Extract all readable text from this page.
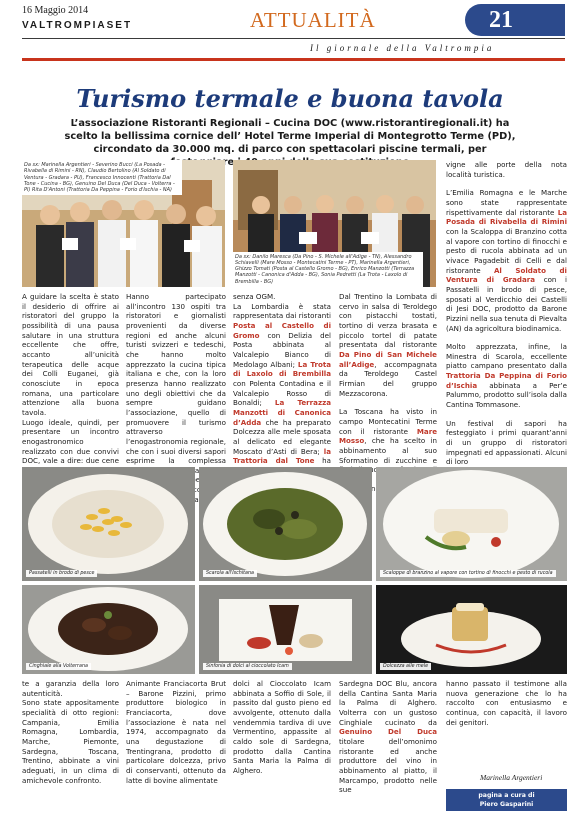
16 Maggio 2014
VALTROMPIASET	ATTUALITÀ	21
Il giornale della Valtrompia
Turismo termale e buona tavola
L’associazione Ristoranti Regionali – Cucina DOC (www.ristorantiregionali.it) ha scelto la bellissima cornice dell’ Hotel Terme Imperial di Montegrotto Terme (PD), circondato da 30.000 mq. di parco con spettacolari piscine termali, per
Da sx: Marinella Argentieri - Severino Bucci (La Posada - Rivabella di Rimini - RN), Claudio Bertolino (Al Soldato di Ventura - Gradara - PU), Francesco Innocenti (Trattoria Dal Tone - Cucina - BG), Genuino Del Duca (Del Duca - Volterra - PI) Rita D'Antoni (Trattoria Da Peppina - Forio d'Ischia - NA)
Da sx: Danilo Maresca (Da Pino - S. Michele all'Adige - TN), Alessandro Schiavelli (Mare Mosso - Montecatini Terme - PT), Marinella Argentieri, Ghizzo Tomati (Posta al Castello Gromo - BG), Enrico Manzotti (Terrazza Manzotti - Canonica d'Adda - BG), Sonia Pedretti (La Trota - Laxolo di Brembilla - BG)

A guidare la scelta è stato il desiderio di offrire ai ristoratori del gruppo la possibilità di una pausa salutare in una struttura eccellente che offre, accanto all’unicità terapeutica delle acque dei Colli Euganei, già conosciute in epoca romana, una particolare attenzione alla buona tavola.

Luogo ideale, quindi, per presentare un incontro enogastronomico realizzato con due convivi DOC, vale a dire: due cene

Hanno partecipato all’incontro 130 ospiti tra ristoratori e giornalisti provenienti da diverse regioni ed anche alcuni turisti svizzeri e tedeschi, che hanno molto apprezzato la cucina tipica italiana e che, con la loro presenza hanno realizzato uno degli obiettivi che da sempre guidano l’associazione, quello di promuovere il turismo attraverso l’enogastronomia regionale, che con i suoi diversi sapori esprime la complessa

aperto

senza OGM.

La Lombardia è stata rappresentata dai ristoranti Posta al Castello di Gromo con Delizia del Posta abbinata al Valcalepio Bianco di Medolago Albani; La Trota di Laxolo di Brembilla con Polenta Contadina e il Valcalepio Rosso di Bonaldi; La Terrazza Manzotti di Canonica d’Adda che ha preparato Dolcezza alle mele sposata al delicato ed elegante Moscato d’Asti di Bera; la Trattoria dal Tone ha

Dal Trentino la Lombata di cervo in salsa di Teroldego con pistacchi tostati, tortino di verza brasata e piccolo tortel di patate presentata dal ristorante Da Pino di San Michele all’Adige, accompagnata da Teroldego Castel Firmian del gruppo Mezzacorona.

La Toscana ha visto in campo Montecatini Terme con il ristorante Mare Mosso, che ha scelto in abbinamento al suo Sformatino di zucchine e zucca

vigne alle porte della nota località turistica.

L’Emilia Romagna e le Marche sono state rappresentate rispettivamente dal ristorante La Posada di Rivabella di Rimini con la Scaloppa di Branzino cotta al vapore con tortino di finocchi e pesto di rucola abbinata ad un vivace Pagadebit di Celli e dal ristorante Al Soldato di Ventura di Gradara con i Passatelli in brodo di pesce, sposati al Verdicchio dei Castelli di Jesi DOC, prodotto da Barone Pizzini nella sua tenuta di Pievalta (AN) da agricoltura biodinamica.

Molto apprezzata, infine, la Minestra di Scarola, eccellente piatto campano presentato dalla Trattoria Da Peppina di Forio d’Ischia abbinata a Per’e Palummo, prodotto sull’isola dalla Cantina Tommasone.

Un festival di sapori ha festeggiato i primi quarant’anni di un gruppo di ristoratori impegnati ed appassionati. Alcuni di loro

Passatelli in brodo di pesce	Scarola all'Ischitana	Scaloppe di branzino al vapore con tortino di finocchi e pesto di rucola
Cinghiale alla Volterrana	Sinfonia di dolci al cioccolato Icam	Dolcezza alle mele

te a garanzia della loro autenticità.

Sono state appositamente specialità di otto regioni: Campania, Emilia Romagna, Lombardia, Marche, Piemonte, Sardegna, Toscana, Trentino, abbinate a vini adeguati, in un clima di amichevole confronto.

Animante Franciacorta Brut – Barone Pizzini, primo produttore biologico in Franciacorta, dove l’associazione è nata nel 1974, accompagnato da una degustazione di Trentingrana, prodotto di particolare dolcezza, privo di conservanti, ottenuto da latte di bovine alimentate

dolci al Cioccolato Icam abbinata a Soffio di Sole, il passito dal gusto pieno ed avvolgente, ottenuto dalla vendemmia tardiva di uve Vermentino, appassite al caldo sole di Sardegna, prodotto dalla Cantina Santa Maria la Palma di Alghero.

Sardegna DOC Blu, ancora della Cantina Santa Maria la Palma di Alghero. Volterra con un gustoso Cinghiale cucinato da Genuino Del Duca titolare dell’omonimo ristorante ed anche produttore del vino in abbinamento al piatto, il Marcampo, prodotto nelle sue

hanno passato il testimone alla nuova generazione che lo ha raccolto con entusiasmo e continua, con capacità, il lavoro dei genitori.

Marinella Argentieri
pagina a cura di
Piero Gasparini
